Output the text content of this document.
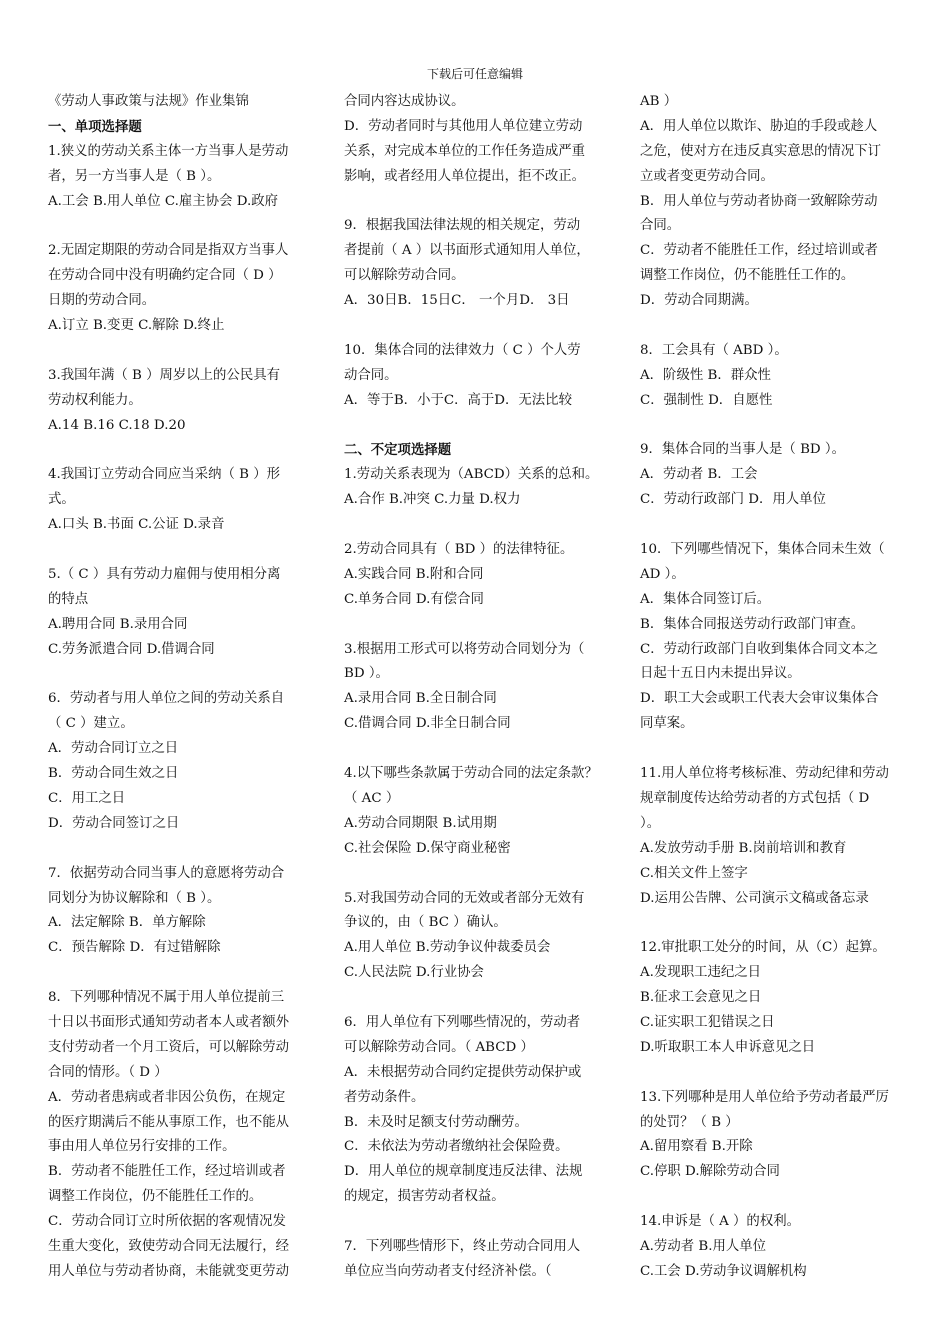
下载后可任意编辑
《劳动人事政策与法规》作业集锦
一、单项选择题
1.狭义的劳动关系主体一方当事人是劳动
者，另一方当事人是（ B ）。
A.工会 B.用人单位 C.雇主协会 D.政府
2.无固定期限的劳动合同是指双方当事人
在劳动合同中没有明确约定合同（ D ）
日期的劳动合同。
A.订立 B.变更 C.解除 D.终止
3.我国年满（ B ）周岁以上的公民具有
劳动权利能力。
A.14 B.16 C.18 D.20
4.我国订立劳动合同应当采纳（ B ）形
式。
A.口头 B.书面 C.公证 D.录音
5.（ C ）具有劳动力雇佣与使用相分离
的特点
A.聘用合同 B.录用合同
C.劳务派遣合同 D.借调合同
6．劳动者与用人单位之间的劳动关系自
（ C ）建立。
A．劳动合同订立之日
B．劳动合同生效之日
C．用工之日
D．劳动合同签订之日
7．依据劳动合同当事人的意愿将劳动合
同划分为协议解除和（ B ）。
A．法定解除 B．单方解除
C．预告解除 D．有过错解除
8．下列哪种情况不属于用人单位提前三
十日以书面形式通知劳动者本人或者额外
支付劳动者一个月工资后，可以解除劳动
合同的情形。（ D ）
A．劳动者患病或者非因公负伤，在规定
的医疗期满后不能从事原工作，也不能从
事由用人单位另行安排的工作。
B．劳动者不能胜任工作，经过培训或者
调整工作岗位，仍不能胜任工作的。
C．劳动合同订立时所依据的客观情况发
生重大变化，致使劳动合同无法履行，经
用人单位与劳动者协商，未能就变更劳动
合同内容达成协议。
D．劳动者同时与其他用人单位建立劳动
关系，对完成本单位的工作任务造成严重
影响，或者经用人单位提出，拒不改正。
9．根据我国法律法规的相关规定，劳动
者提前（ A ）以书面形式通知用人单位，
可以解除劳动合同。
A．30日B．15日C． 一个月D． 3日
10．集体合同的法律效力（ C ）个人劳
动合同。
A．等于B．小于C．高于D．无法比较
二、不定项选择题
1.劳动关系表现为（ABCD）关系的总和。
A.合作 B.冲突 C.力量 D.权力
2.劳动合同具有（ BD ）的法律特征。
A.实践合同 B.附和合同
C.单务合同 D.有偿合同
3.根据用工形式可以将劳动合同划分为（
BD ）。
A.录用合同 B.全日制合同
C.借调合同 D.非全日制合同
4.以下哪些条款属于劳动合同的法定条款？
（ AC ）
A.劳动合同期限 B.试用期
C.社会保险 D.保守商业秘密
5.对我国劳动合同的无效或者部分无效有
争议的，由（ BC ）确认。
A.用人单位 B.劳动争议仲裁委员会
C.人民法院 D.行业协会
6．用人单位有下列哪些情况的，劳动者
可以解除劳动合同。（ ABCD ）
A．未根据劳动合同约定提供劳动保护或
者劳动条件。
B．未及时足额支付劳动酬劳。
C．未依法为劳动者缴纳社会保险费。
D．用人单位的规章制度违反法律、法规
的规定，损害劳动者权益。
7．下列哪些情形下，终止劳动合同用人
单位应当向劳动者支付经济补偿。（
AB ）
A．用人单位以欺诈、胁迫的手段或趁人
之危，使对方在违反真实意思的情况下订
立或者变更劳动合同。
B．用人单位与劳动者协商一致解除劳动
合同。
C．劳动者不能胜任工作，经过培训或者
调整工作岗位，仍不能胜任工作的。
D．劳动合同期满。
8．工会具有（ ABD ）。
A．阶级性 B．群众性
C．强制性 D．自愿性
9．集体合同的当事人是（ BD ）。
A．劳动者 B．工会
C．劳动行政部门 D．用人单位
10．下列哪些情况下，集体合同未生效（
AD ）。
A．集体合同签订后。
B．集体合同报送劳动行政部门审查。
C．劳动行政部门自收到集体合同文本之
日起十五日内未提出异议。
D．职工大会或职工代表大会审议集体合
同草案。
11.用人单位将考核标准、劳动纪律和劳动
规章制度传达给劳动者的方式包括（ D
）。
A.发放劳动手册 B.岗前培训和教育
C.相关文件上签字
D.运用公告牌、公司演示文稿或备忘录
12.审批职工处分的时间，从（C）起算。
A.发现职工违纪之日
B.征求工会意见之日
C.证实职工犯错误之日
D.听取职工本人申诉意见之日
13.下列哪种是用人单位给予劳动者最严厉
的处罚？（ B ）
A.留用察看 B.开除
C.停职 D.解除劳动合同
14.申诉是（ A ）的权利。
A.劳动者 B.用人单位
C.工会 D.劳动争议调解机构
